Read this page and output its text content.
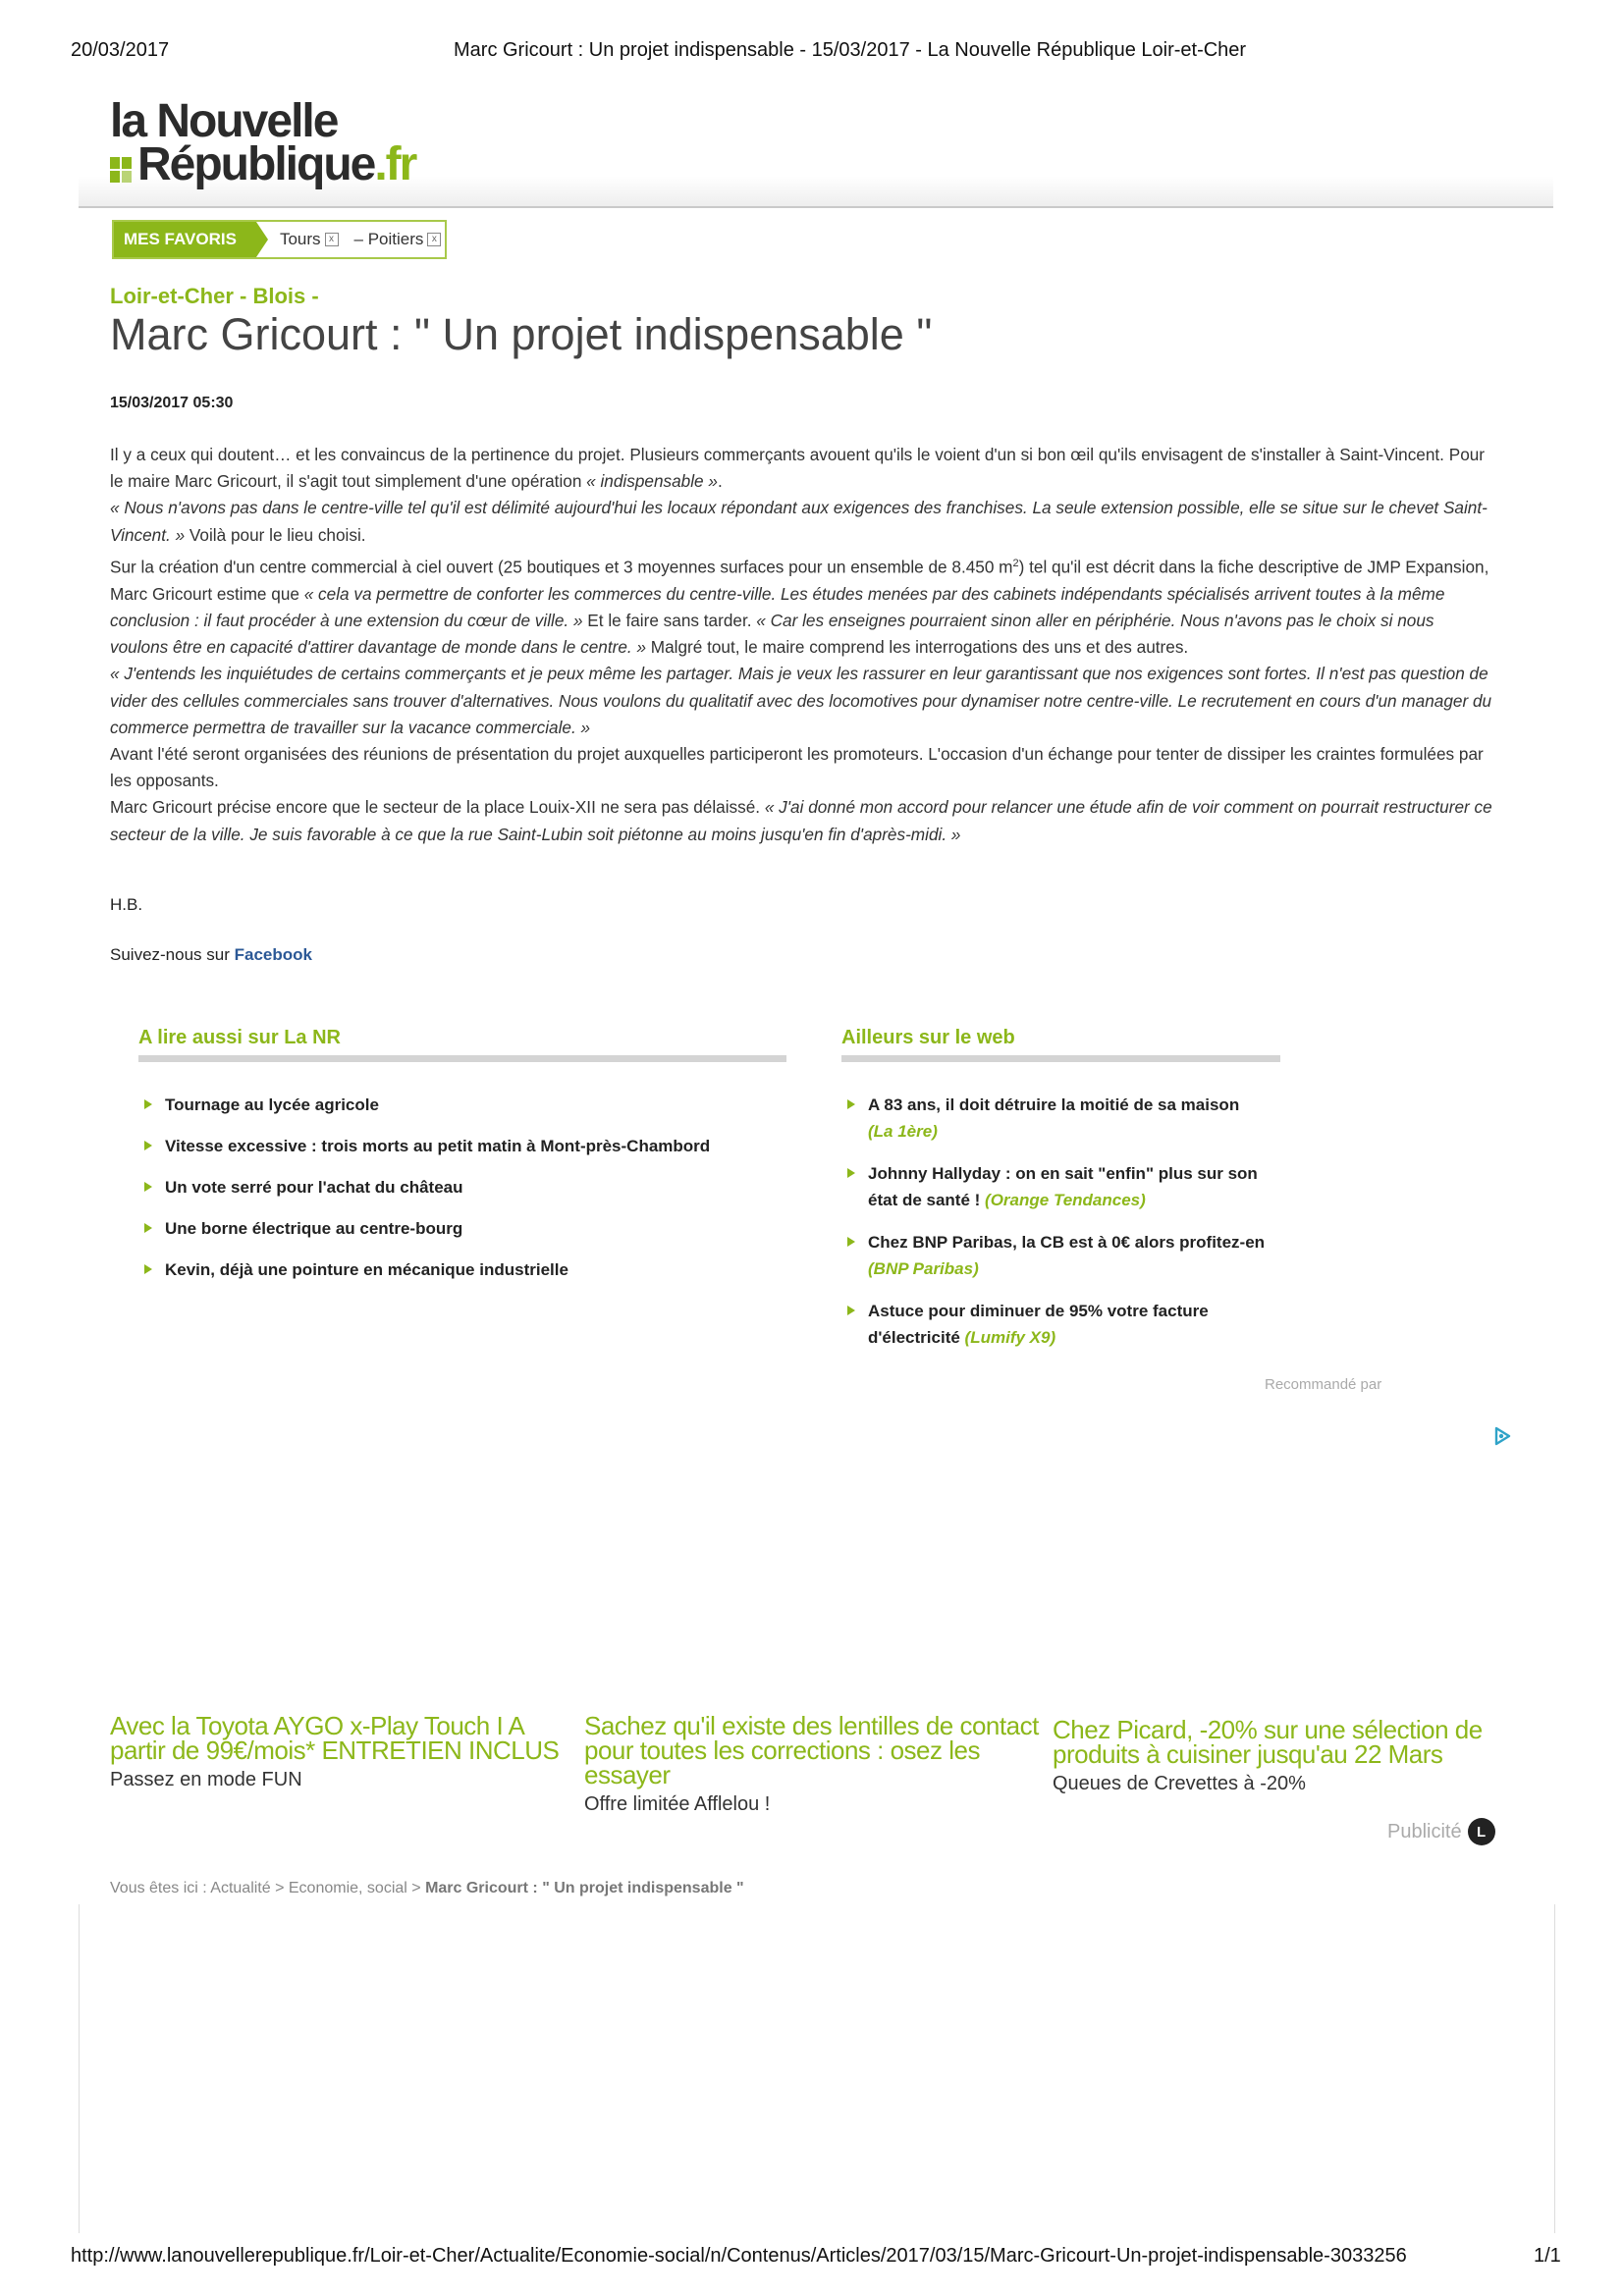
20/03/2017	Marc Gricourt : Un projet indispensable - 15/03/2017 - La Nouvelle République Loir-et-Cher
la Nouvelle
République.fr
MES FAVORIS	Tours x – Poitiers x
Loir-et-Cher - Blois -
Marc Gricourt : " Un projet indispensable "
15/03/2017 05:30

Il y a ceux qui doutent… et les convaincus de la pertinence du projet. Plusieurs commerçants avouent qu'ils le voient d'un si bon œil qu'ils envisagent de s'installer à Saint-Vincent. Pour le maire Marc Gricourt, il s'agit tout simplement d'une opération « indispensable ».

« Nous n'avons pas dans le centre-ville tel qu'il est délimité aujourd'hui les locaux répondant aux exigences des franchises. La seule extension possible, elle se situe sur le chevet Saint-Vincent. » Voilà pour le lieu choisi.

Sur la création d'un centre commercial à ciel ouvert (25 boutiques et 3 moyennes surfaces pour un ensemble de 8.450 $m^2$) tel qu'il est décrit dans la fiche descriptive de JMP Expansion, Marc Gricourt estime que « cela va permettre de conforter les commerces du centre-ville. Les études menées par des cabinets indépendants spécialisés arrivent toutes à la même conclusion : il faut procéder à une extension du cœur de ville. » Et le faire sans tarder. « Car les enseignes pourraient sinon aller en périphérie. Nous n'avons pas le choix si nous voulons être en capacité d'attirer davantage de monde dans le centre. » Malgré tout, le maire comprend les interrogations des uns et des autres.

« J'entends les inquiétudes de certains commerçants et je peux même les partager. Mais je veux les rassurer en leur garantissant que nos exigences sont fortes. Il n'est pas question de vider des cellules commerciales sans trouver d'alternatives. Nous voulons du qualitatif avec des locomotives pour dynamiser notre centre-ville. Le recrutement en cours d'un manager du commerce permettra de travailler sur la vacance commerciale. »

Avant l'été seront organisées des réunions de présentation du projet auxquelles participeront les promoteurs. L'occasion d'un échange pour tenter de dissiper les craintes formulées par les opposants.

Marc Gricourt précise encore que le secteur de la place Louix-XII ne sera pas délaissé. « J'ai donné mon accord pour relancer une étude afin de voir comment on pourrait restructurer ce secteur de la ville. Je suis favorable à ce que la rue Saint-Lubin soit piétonne au moins jusqu'en fin d'après-midi. »

H.B.
Suivez-nous sur Facebook
A lire aussi sur La NR
Tournage au lycée agricole
Vitesse excessive : trois morts au petit matin à Mont-près-Chambord
Un vote serré pour l'achat du château
Une borne électrique au centre-bourg
Kevin, déjà une pointure en mécanique industrielle
Ailleurs sur le web
A 83 ans, il doit détruire la moitié de sa maison
(La 1ère)
Johnny Hallyday : on en sait "enfin" plus sur son état de santé ! (Orange Tendances)
Chez BNP Paribas, la CB est à 0€ alors profitez-en (BNP Paribas)
Astuce pour diminuer de 95% votre facture d'électricité (Lumify X9)
Recommandé par
Avec la Toyota AYGO x-Play Touch I A partir de 99€/mois* ENTRETIEN INCLUS
Passez en mode FUN
Sachez qu'il existe des lentilles de contact pour toutes les corrections : osez les essayer
Offre limitée Afflelou !
Chez Picard, -20% sur une sélection de produits à cuisiner jusqu'au 22 Mars
Queues de Crevettes à -20%
Publicité	L
Vous êtes ici : Actualité > Economie, social > Marc Gricourt : " Un projet indispensable "
http://www.lanouvellerepublique.fr/Loir-et-Cher/Actualite/Economie-social/n/Contenus/Articles/2017/03/15/Marc-Gricourt-Un-projet-indispensable-3033256	1/1
